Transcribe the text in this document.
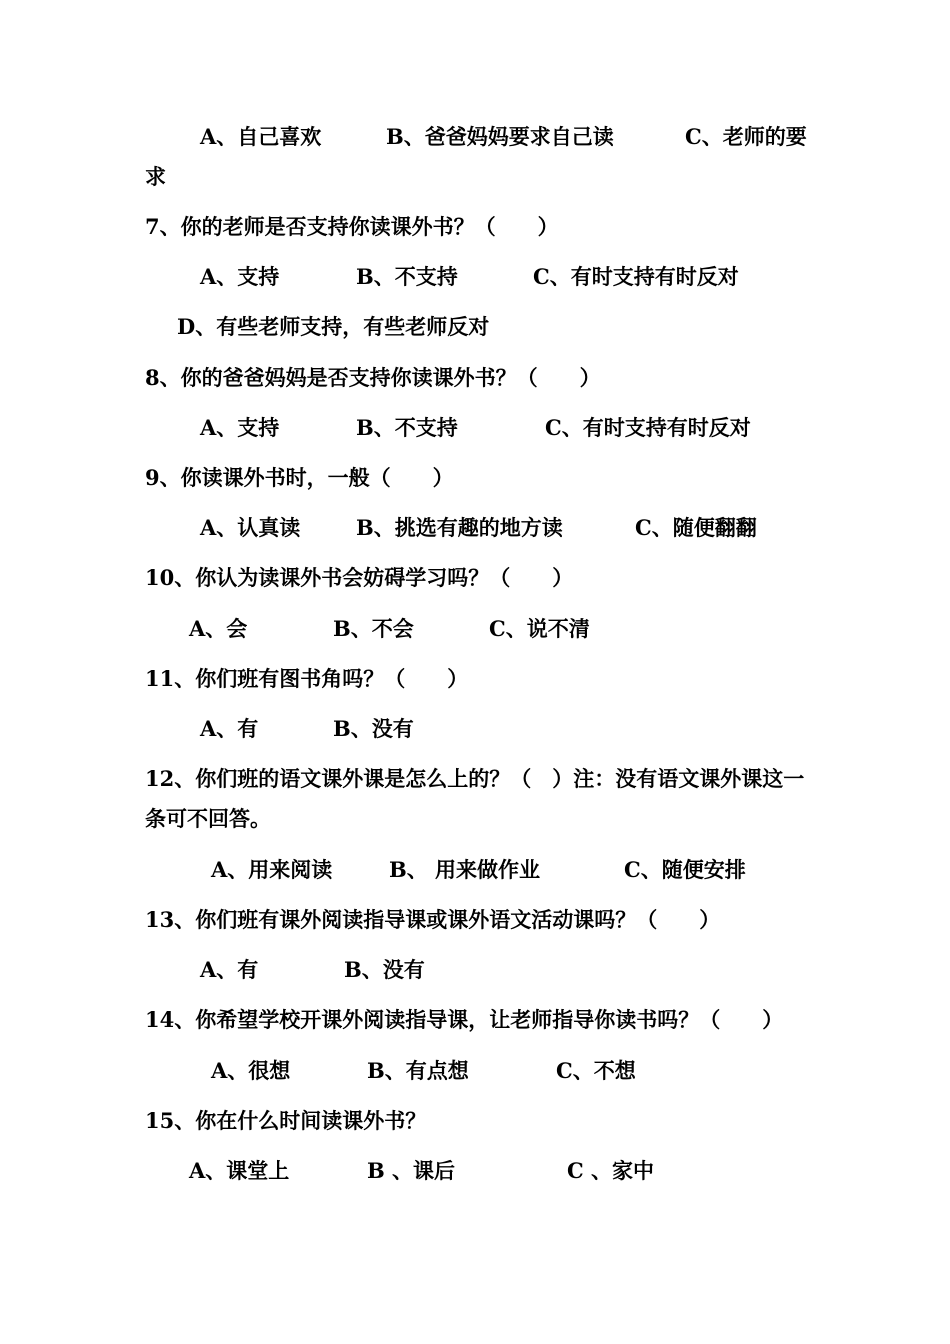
A、自己喜欢	B、爸爸妈妈要求自己读	C、老师的要
求
7、你的老师是否支持你读课外书？（　　）
A、支持	B、不支持	C、有时支持有时反对
D、有些老师支持，有些老师反对
8、你的爸爸妈妈是否支持你读课外书？（　　）
A、支持	B、不支持	C、有时支持有时反对
9、你读课外书时，一般（　　）
A、认真读	B、挑选有趣的地方读	C、随便翻翻
10、你认为读课外书会妨碍学习吗？（　　）
A、会	B、不会	C、说不清
11、你们班有图书角吗？（　　）
A、有	B、没有
12、你们班的语文课外课是怎么上的？（　）注：没有语文课外课这一
条可不回答。
A、用来阅读	B、 用来做作业	C、随便安排
13、你们班有课外阅读指导课或课外语文活动课吗？（　　）
A、有	B、没有
14、你希望学校开课外阅读指导课，让老师指导你读书吗？（　　）
A、很想	B、有点想	C、不想
15、你在什么时间读课外书？
A、课堂上	B 、课后	C 、家中
